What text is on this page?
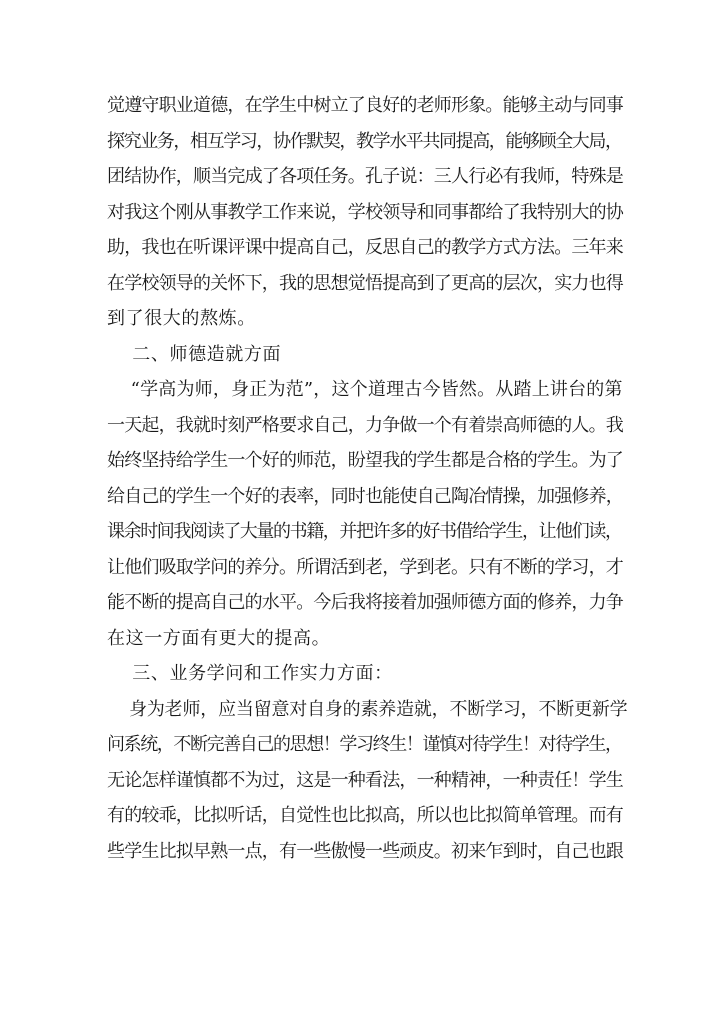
觉遵守职业道德，在学生中树立了良好的老师形象。能够主动与同事
探究业务，相互学习，协作默契，教学水平共同提高，能够顾全大局，
团结协作，顺当完成了各项任务。孔子说：三人行必有我师，特殊是
对我这个刚从事教学工作来说，学校领导和同事都给了我特别大的协
助，我也在听课评课中提高自己，反思自己的教学方式方法。三年来
在学校领导的关怀下，我的思想觉悟提高到了更高的层次，实力也得
到了很大的熬炼。
二、师德造就方面
“学高为师，身正为范”，这个道理古今皆然。从踏上讲台的第
一天起，我就时刻严格要求自己，力争做一个有着崇高师德的人。我
始终坚持给学生一个好的师范，盼望我的学生都是合格的学生。为了
给自己的学生一个好的表率，同时也能使自己陶冶情操，加强修养，
课余时间我阅读了大量的书籍，并把许多的好书借给学生，让他们读，
让他们吸取学问的养分。所谓活到老，学到老。只有不断的学习，才
能不断的提高自己的水平。今后我将接着加强师德方面的修养，力争
在这一方面有更大的提高。
三、业务学问和工作实力方面：
身为老师，应当留意对自身的素养造就，不断学习，不断更新学
问系统，不断完善自己的思想！学习终生！谨慎对待学生！对待学生，
无论怎样谨慎都不为过，这是一种看法，一种精神，一种责任！学生
有的较乖，比拟听话，自觉性也比拟高，所以也比拟简单管理。而有
些学生比拟早熟一点，有一些傲慢一些顽皮。初来乍到时，自己也跟
